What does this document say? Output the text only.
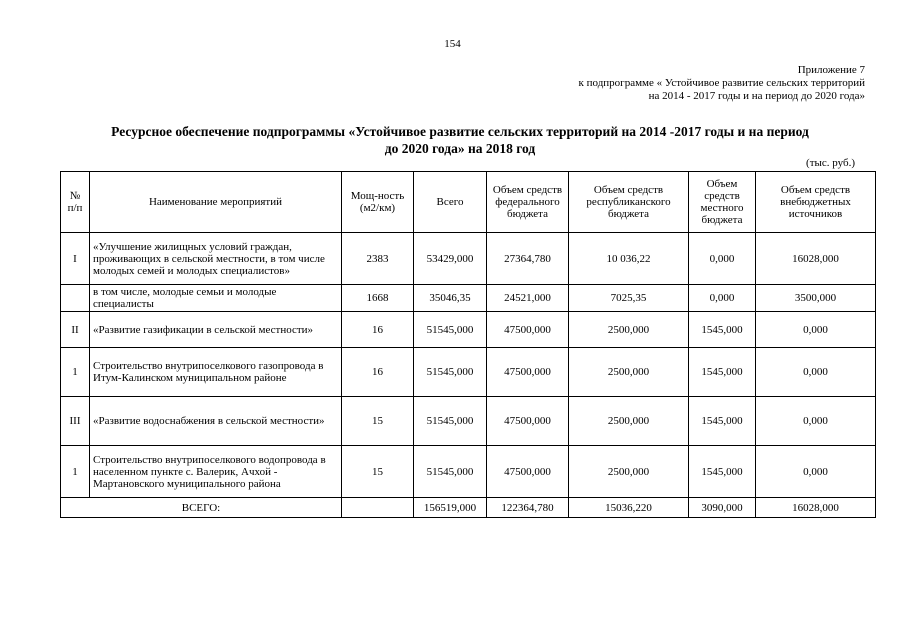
154
Приложение 7
к подпрограмме « Устойчивое развитие сельских территорий
на 2014 - 2017 годы и на период до 2020 года»
Ресурсное обеспечение подпрограммы «Устойчивое развитие сельских территорий на 2014 -2017 годы и на период
до 2020 года» на 2018 год
(тыс. руб.)
№ п/п	Наименование мероприятий	Мощ-ность (м2/км)	Всего	Объем средств федерального бюджета	Объем средств республиканского бюджета	Объем средств местного бюджета	Объем средств внебюджетных источников
I	«Улучшение жилищных условий граждан, проживающих в сельской местности, в том числе молодых семей и молодых специалистов»	2383	53429,000	27364,780	10 036,22	0,000	16028,000
	в том числе, молодые семьи и молодые специалисты	1668	35046,35	24521,000	7025,35	0,000	3500,000
II	«Развитие газификации в сельской местности»	16	51545,000	47500,000	2500,000	1545,000	0,000
1	Строительство внутрипоселкового газопровода в Итум-Калинском муниципальном районе	16	51545,000	47500,000	2500,000	1545,000	0,000
III	«Развитие водоснабжения в сельской местности»	15	51545,000	47500,000	2500,000	1545,000	0,000
1	Строительство внутрипоселкового водопровода в населенном пункте с. Валерик, Ачхой - Мартановского муниципального района	15	51545,000	47500,000	2500,000	1545,000	0,000
ВСЕГО:			156519,000	122364,780	15036,220	3090,000	16028,000
